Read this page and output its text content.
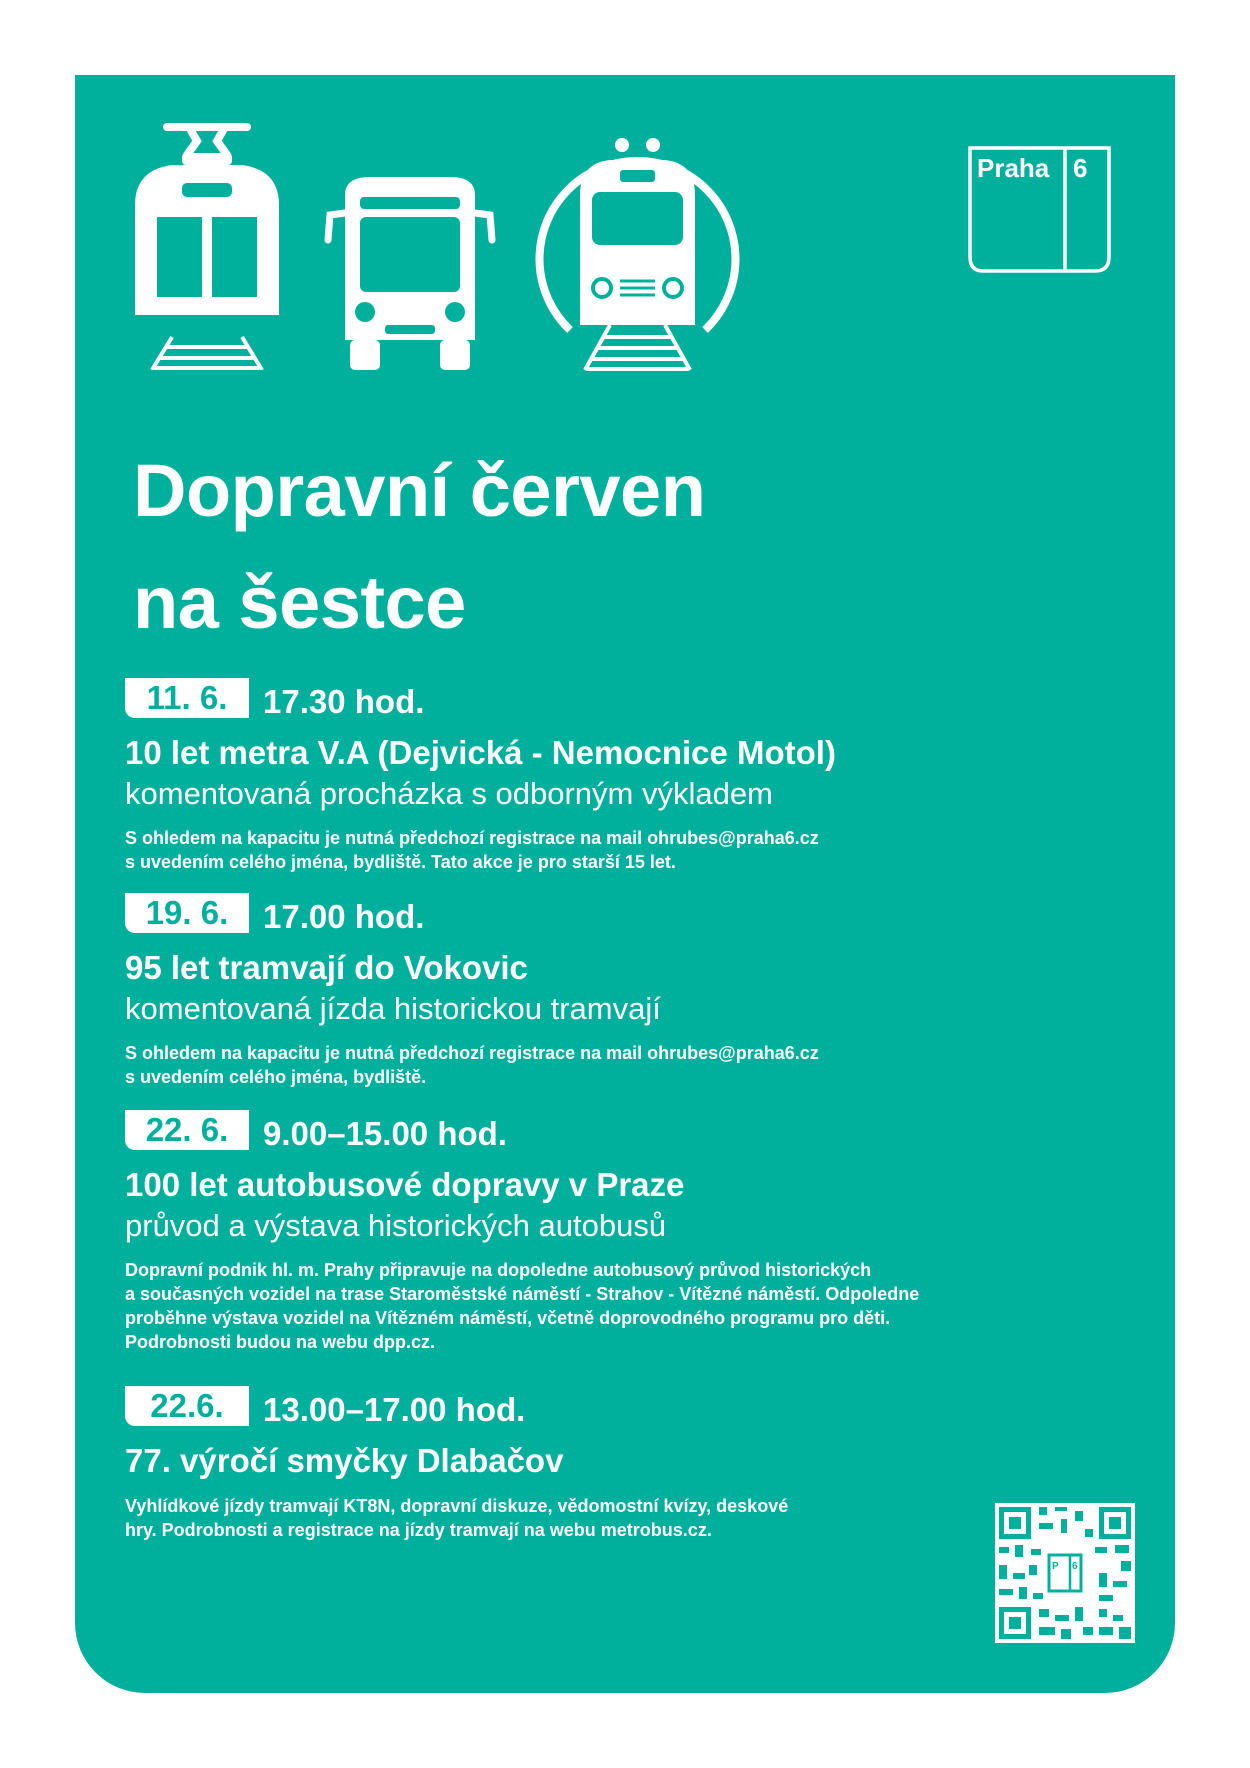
Praha 6
Dopravní červen
na šestce
11. 6.	17.30 hod.
10 let metra V.A (Dejvická - Nemocnice Motol)
komentovaná procházka s odborným výkladem
S ohledem na kapacitu je nutná předchozí registrace na mail ohrubes@praha6.cz
s uvedením celého jména, bydliště. Tato akce je pro starší 15 let.
19. 6.	17.00 hod.
95 let tramvají do Vokovic
komentovaná jízda historickou tramvají
S ohledem na kapacitu je nutná předchozí registrace na mail ohrubes@praha6.cz
s uvedením celého jména, bydliště.
22. 6.	9.00–15.00 hod.
100 let autobusové dopravy v Praze
průvod a výstava historických autobusů
Dopravní podnik hl. m. Prahy připravuje na dopoledne autobusový průvod historických
a současných vozidel na trase Staroměstské náměstí - Strahov - Vítězné náměstí. Odpoledne
proběhne výstava vozidel na Vítězném náměstí, včetně doprovodného programu pro děti.
Podrobnosti budou na webu dpp.cz.
22.6.	13.00–17.00 hod.
77. výročí smyčky Dlabačov
Vyhlídkové jízdy tramvají KT8N, dopravní diskuze, vědomostní kvízy, deskové
hry. Podrobnosti a registrace na jízdy tramvají na webu metrobus.cz.
P 6
